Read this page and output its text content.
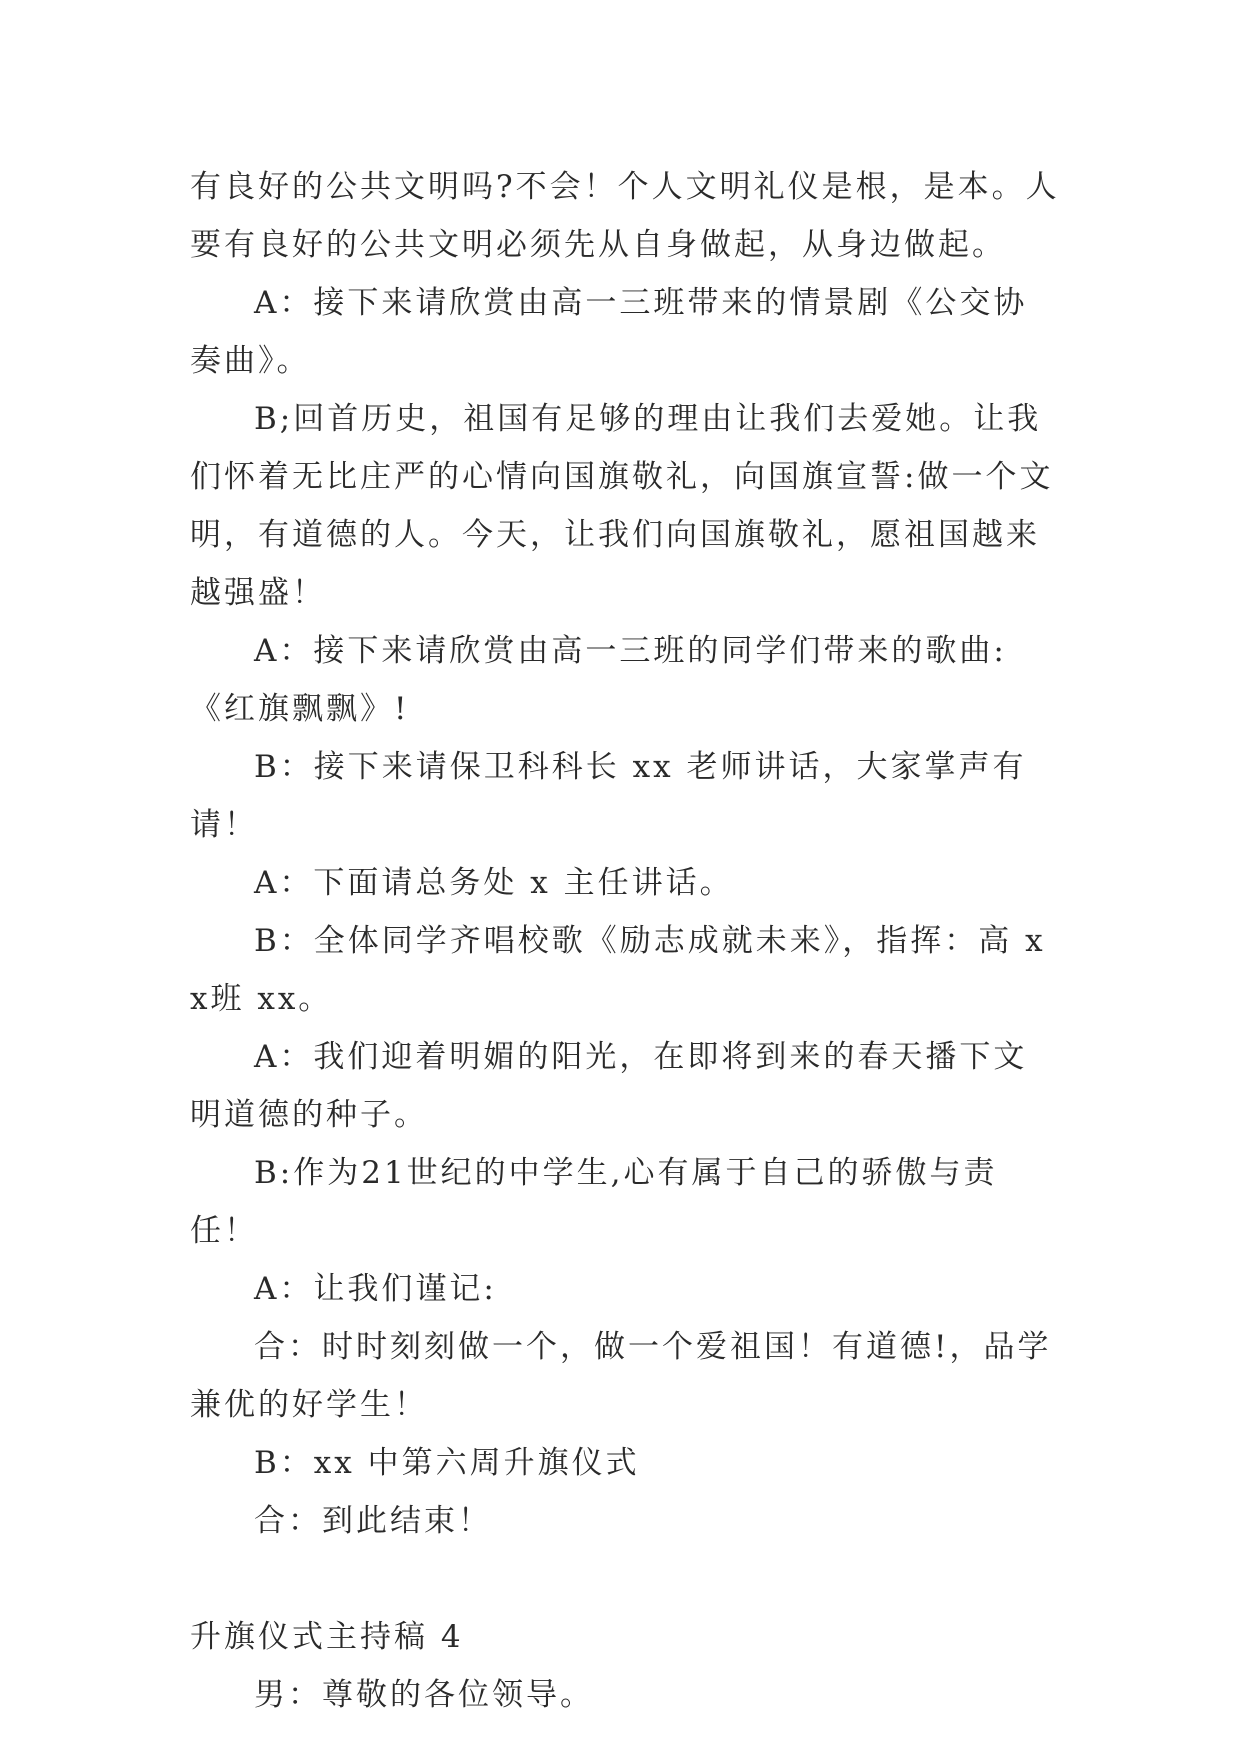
有良好的公共文明吗?不会！个人文明礼仪是根，是本。人要有良好的公共文明必须先从自身做起，从身边做起。

A：接下来请欣赏由高一三班带来的情景剧《公交协奏曲》。

B;回首历史，祖国有足够的理由让我们去爱她。让我们怀着无比庄严的心情向国旗敬礼，向国旗宣誓:做一个文明，有道德的人。今天，让我们向国旗敬礼，愿祖国越来越强盛！

A：接下来请欣赏由高一三班的同学们带来的歌曲:《红旗飘飘》!

B：接下来请保卫科科长 xx 老师讲话，大家掌声有请！

A：下面请总务处 x 主任讲话。

B：全体同学齐唱校歌《励志成就未来》，指挥：高 xx班 xx。

A：我们迎着明媚的阳光，在即将到来的春天播下文明道德的种子。

B:作为21世纪的中学生,心有属于自己的骄傲与责任！

A：让我们谨记:

合：时时刻刻做一个，做一个爱祖国！有道德!，品学兼优的好学生！

B：xx 中第六周升旗仪式

合：到此结束！

升旗仪式主持稿 4

男：尊敬的各位领导。
